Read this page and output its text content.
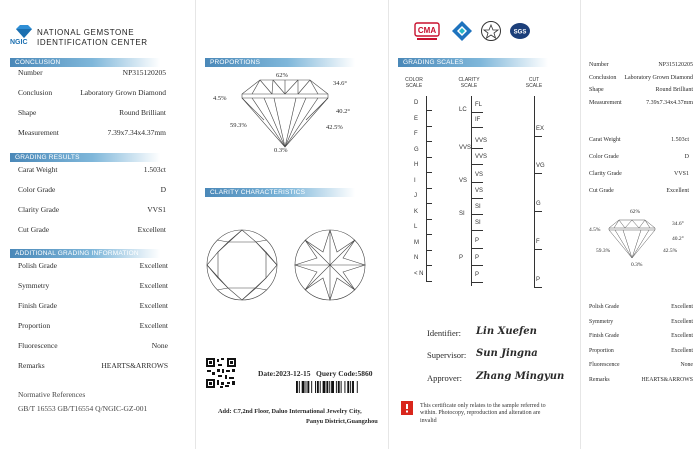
NGIC
NATIONAL GEMSTONE
IDENTIFICATION CENTER
CONCLUSION
Number	NP315120205
Conclusion	Laboratory Grown Diamond
Shape	Round Brilliant
Measurement	7.39x7.34x4.37mm
GRADING RESULTS
Carat Weight	1.503ct
Color Grade	D
Clarity Grade	VVS1
Cut Grade	Excellent
ADDITIONAL GRADING INFORMATION
Polish Grade	Excellent
Symmetry	Excellent
Finish Grade	Excellent
Proportion	Excellent
Fluorescence	None
Remarks	HEARTS&ARROWS
Normative References
GB/T 16553 GB/T16554 Q/NGIC-GZ-001
PROPORTIONS
62%
34.6°
4.5%
40.2°
59.3%	42.5%
0.3%
CLARITY CHARACTERISTICS
Date:2023-12-15 Query Code:5860
Add: C7,2nd Floor, Daluo International Jewelry City,
Panyu District,Guangzhou
CMA	SGS
GRADING SCALES
COLOR
SCALE
CLARITY
SCALE
CUT
SCALE
D
E
F
G
H
I
J
K
L
M
N
< N
LC
VVS
VS
SI
P
FL
IF
VVS
VVS
VS
VS
SI
SI
P
P
P
EX
VG
G
F
P
Identifier: Lin Xuefen
Supervisor: Sun Jingna
Approver: Zhang Mingyun
This certificate only relates to the sample referred to within. Photocopy, reproduction and alteration are invalid
Number	NP315120205
Conclusion Laboratory Grown Diamond
Shape	Round Brilliant
Measurement	7.39x7.34x4.37mm
Carat Weight	1.503ct
Color Grade	D
Clarity Grade	VVS1
Cut Grade	Excellent
62%
34.6°
4.5%
40.2°
59.3%	42.5%
0.3%
Polish Grade	Excellent
Symmetry	Excellent
Finish Grade	Excellent
Proportion	Excellent
Fluorescence	None
Remarks	HEARTS&ARROWS
